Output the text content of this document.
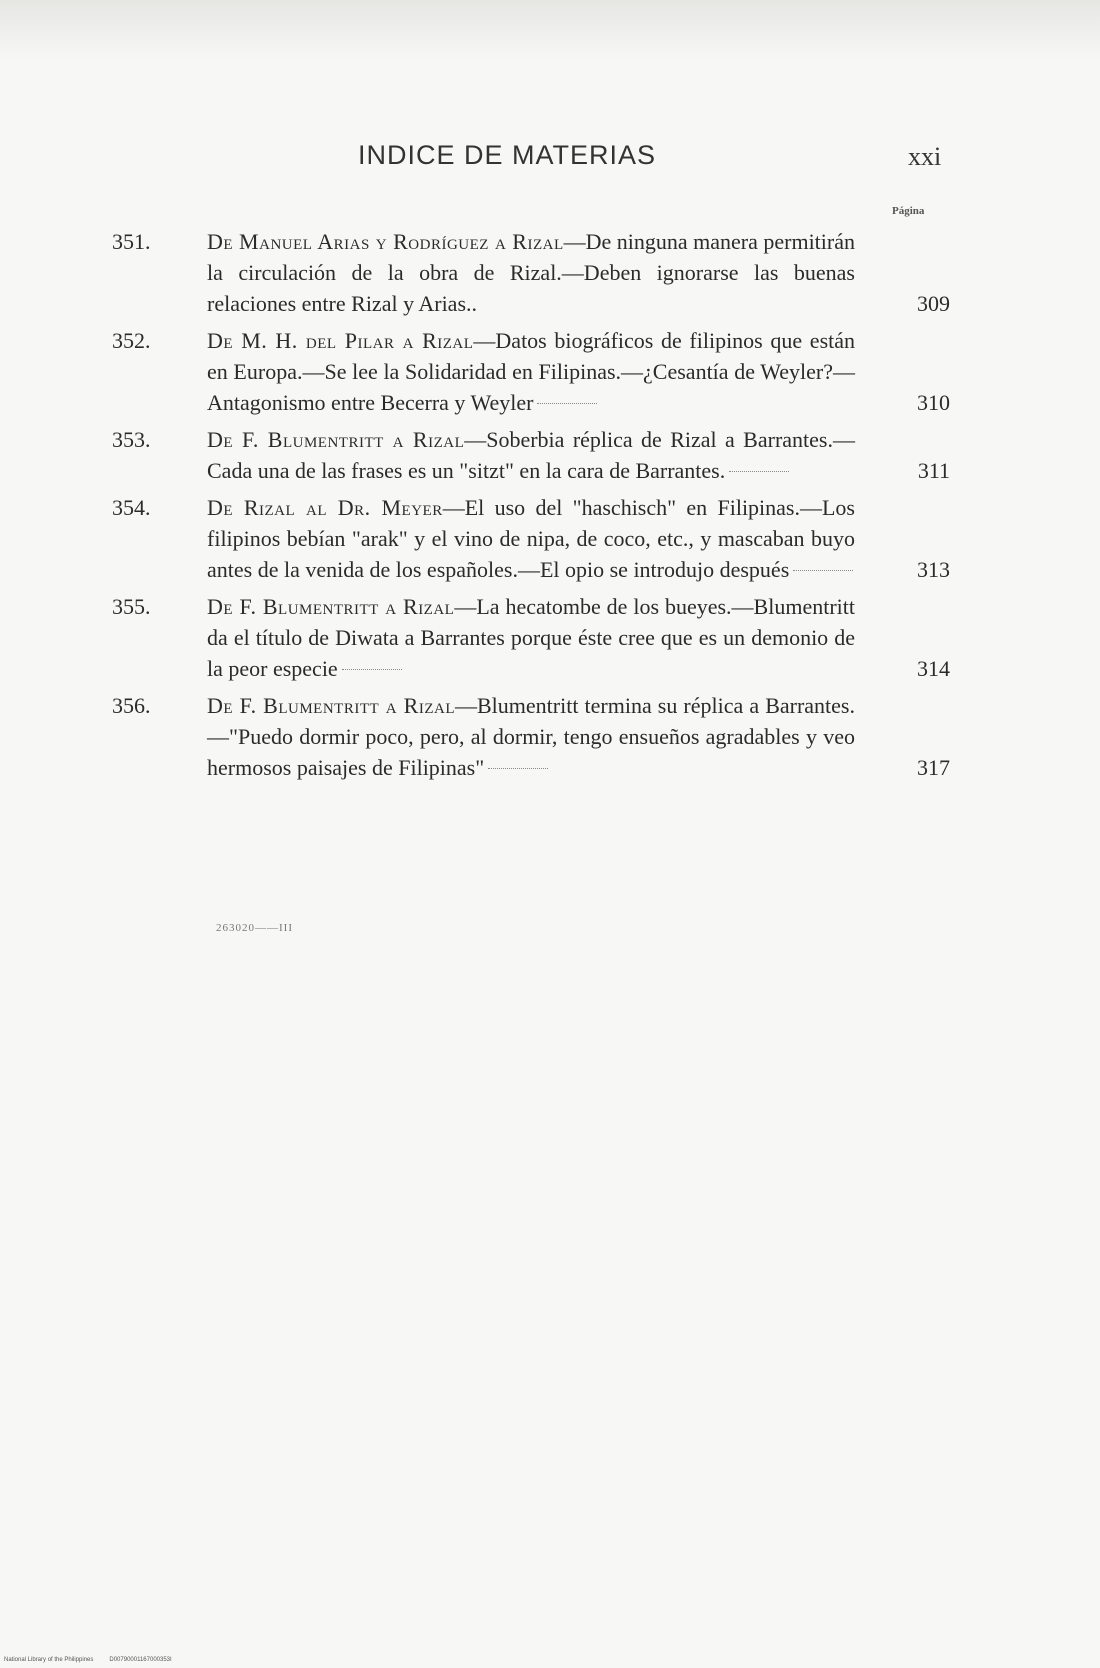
INDICE DE MATERIAS	xxi
Página
351.	De Manuel Arias y Rodríguez a Rizal—De ninguna manera permitirán la circulación de la obra de Rizal.—Deben ignorarse las buenas relaciones entre Rizal y Arias..	309
352.	De M. H. del Pilar a Rizal—Datos biográficos de filipinos que están en Europa.—Se lee la Solidaridad en Filipinas.—¿Cesantía de Weyler?—Antagonismo entre Becerra y Weyler	310
353.	De F. Blumentritt a Rizal—Soberbia réplica de Rizal a Barrantes.—Cada una de las frases es un "sitzt" en la cara de Barrantes.	311
354.	De Rizal al Dr. Meyer—El uso del "haschisch" en Filipinas.—Los filipinos bebían "arak" y el vino de nipa, de coco, etc., y mascaban buyo antes de la venida de los españoles.—El opio se introdujo después	313
355.	De F. Blumentritt a Rizal—La hecatombe de los bueyes.—Blumentritt da el título de Diwata a Barrantes porque éste cree que es un demonio de la peor especie	314
356.	De F. Blumentritt a Rizal—Blumentritt termina su réplica a Barrantes.—"Puedo dormir poco, pero, al dormir, tengo ensueños agradables y veo hermosos paisajes de Filipinas"	317
263020——III
National Library of the Philippines	D00790001167000353I
